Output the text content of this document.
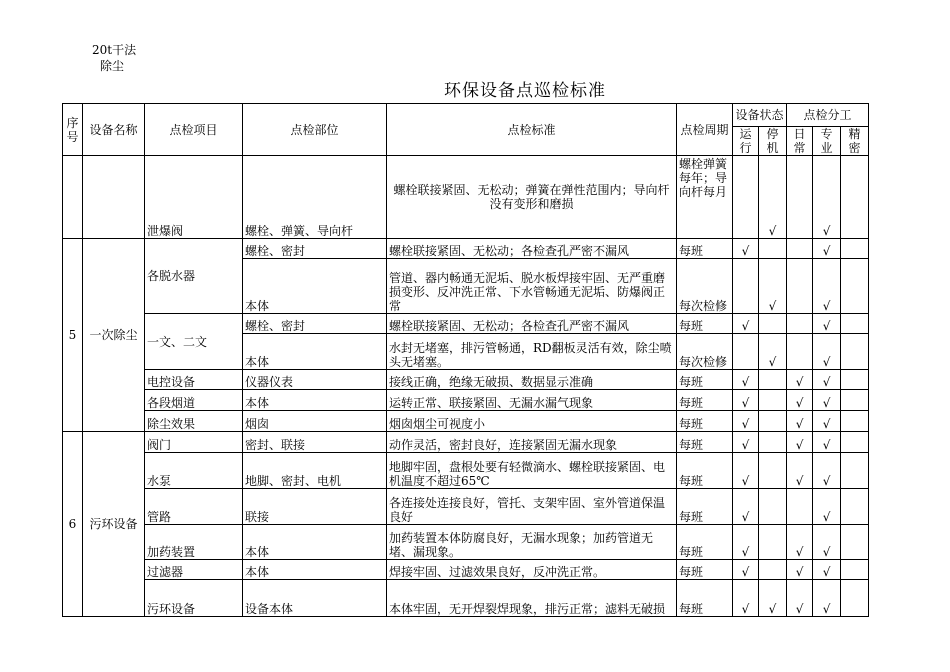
20t干法
除尘
环保设备点巡检标准
序号	设备名称	点检项目	点检部位	点检标准	点检周期	设备状态		点检分工		
						运行	停机	日常	专业	精密
		泄爆阀	螺栓、弹簧、导向杆	螺栓联接紧固、无松动；弹簧在弹性范围内；导向杆没有变形和磨损	螺栓弹簧每年；导向杆每月		√		√	
5	一次除尘	各脱水器	螺栓、密封	螺栓联接紧固、无松动；各检查孔严密不漏风	每班	√			√	
			本体	管道、器内畅通无泥垢、脱水板焊接牢固、无严重磨损变形、反冲洗正常、下水管畅通无泥垢、防爆阀正常	每次检修		√		√	
		一文、二文	螺栓、密封	螺栓联接紧固、无松动；各检查孔严密不漏风	每班	√			√	
			本体	水封无堵塞，排污管畅通，RD翻板灵活有效，除尘喷头无堵塞。	每次检修		√		√	
		电控设备	仪器仪表	接线正确，绝缘无破损、数据显示准确	每班	√		√	√	
		各段烟道	本体	运转正常、联接紧固、无漏水漏气现象	每班	√		√	√	
		除尘效果	烟囱	烟囱烟尘可视度小	每班	√		√	√	
6	污环设备	阀门	密封、联接	动作灵活，密封良好，连接紧固无漏水现象	每班	√		√	√	
		水泵	地脚、密封、电机	地脚牢固，盘根处要有轻微滴水、螺栓联接紧固、电机温度不超过65℃	每班	√		√	√	
		管路	联接	各连接处连接良好，管托、支架牢固、室外管道保温良好	每班	√			√	
		加药装置	本体	加药装置本体防腐良好，无漏水现象；加药管道无堵、漏现象。	每班	√		√	√	
		过滤器	本体	焊接牢固、过滤效果良好，反冲洗正常。	每班	√		√	√	
		污环设备	设备本体	本体牢固，无开焊裂焊现象，排污正常；滤料无破损	每班	√	√	√	√	
